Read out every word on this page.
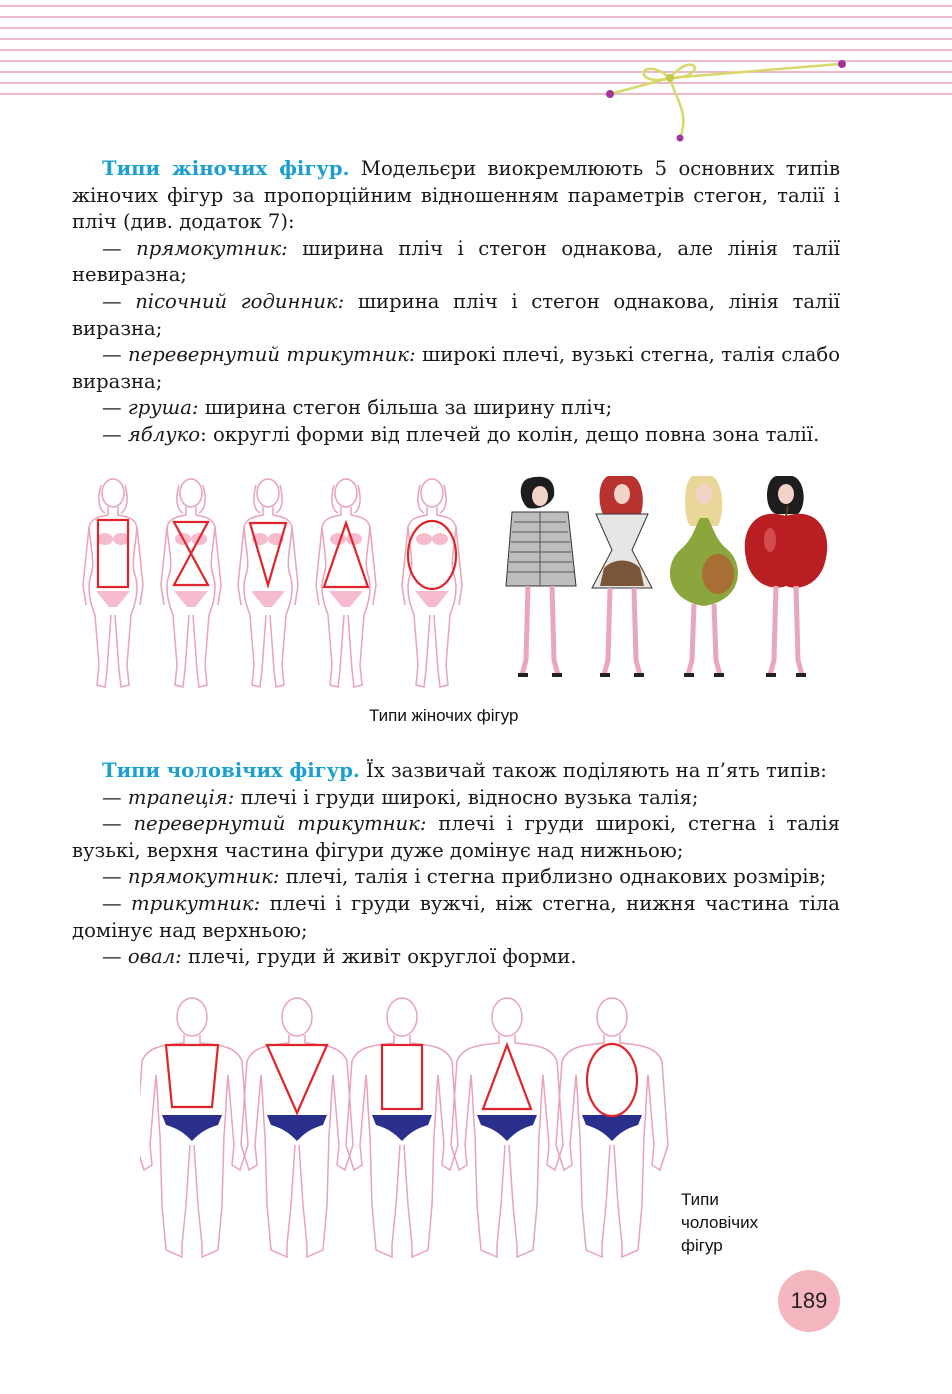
Типи жіночих фігур. Модельєри виокремлюють 5 основних типів жіночих фігур за пропорційним відношенням параметрів стегон, талії і пліч (див. додаток 7):

— прямокутник: ширина пліч і стегон однакова, але лінія талії невиразна;

— пісочний годинник: ширина пліч і стегон однакова, лінія талії виразна;

— перевернутий трикутник: широкі плечі, вузькі стегна, талія слабо виразна;

— груша: ширина стегон більша за ширину пліч;

— яблуко: округлі форми від плечей до колін, дещо повна зона талії.

Типи жіночих фігур

Типи чоловічих фігур. Їх зазвичай також поділяють на п’ять типів:

— трапеція: плечі і груди широкі, відносно вузька талія;

— перевернутий трикутник: плечі і груди широкі, стегна і талія вузькі, верхня частина фігури дуже домінує над нижньою;

— прямокутник: плечі, талія і стегна приблизно однакових розмірів;

— трикутник: плечі і груди вужчі, ніж стегна, нижня частина тіла домінує над верхньою;

— овал: плечі, груди й живіт округлої форми.

Типи
чоловічих
фігур
189
